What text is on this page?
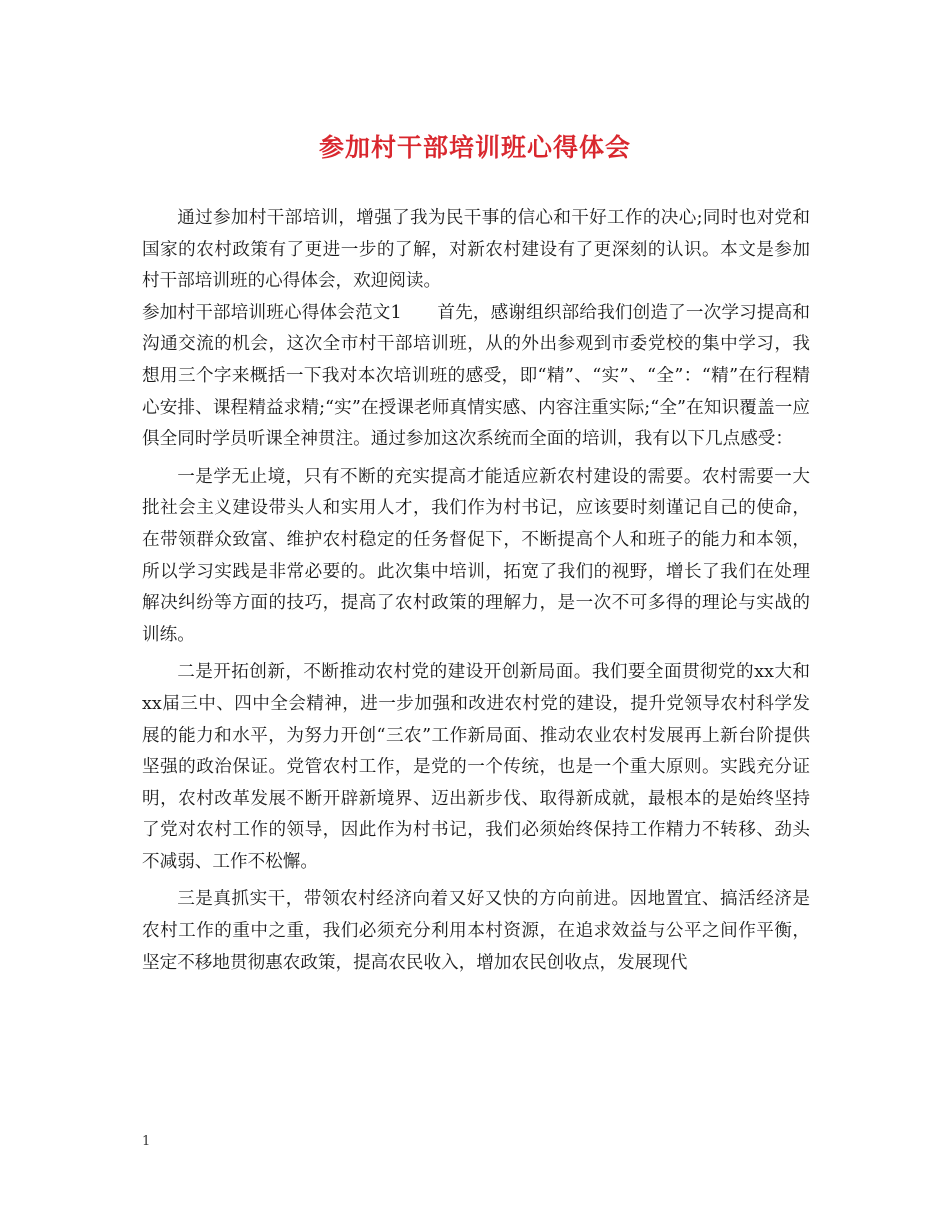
参加村干部培训班心得体会

通过参加村干部培训，增强了我为民干事的信心和干好工作的决心;同时也对党和国家的农村政策有了更进一步的了解，对新农村建设有了更深刻的认识。本文是参加村干部培训班的心得体会，欢迎阅读。

参加村干部培训班心得体会范文1　　首先，感谢组织部给我们创造了一次学习提高和沟通交流的机会，这次全市村干部培训班，从的外出参观到市委党校的集中学习，我想用三个字来概括一下我对本次培训班的感受，即“精”、“实”、“全”：“精”在行程精心安排、课程精益求精;“实”在授课老师真情实感、内容注重实际;“全”在知识覆盖一应俱全同时学员听课全神贯注。通过参加这次系统而全面的培训，我有以下几点感受：

一是学无止境，只有不断的充实提高才能适应新农村建设的需要。农村需要一大批社会主义建设带头人和实用人才，我们作为村书记，应该要时刻谨记自己的使命，在带领群众致富、维护农村稳定的任务督促下，不断提高个人和班子的能力和本领，所以学习实践是非常必要的。此次集中培训，拓宽了我们的视野，增长了我们在处理解决纠纷等方面的技巧，提高了农村政策的理解力，是一次不可多得的理论与实战的训练。

二是开拓创新，不断推动农村党的建设开创新局面。我们要全面贯彻党的xx大和xx届三中、四中全会精神，进一步加强和改进农村党的建设，提升党领导农村科学发展的能力和水平，为努力开创“三农”工作新局面、推动农业农村发展再上新台阶提供坚强的政治保证。党管农村工作，是党的一个传统，也是一个重大原则。实践充分证明，农村改革发展不断开辟新境界、迈出新步伐、取得新成就，最根本的是始终坚持了党对农村工作的领导，因此作为村书记，我们必须始终保持工作精力不转移、劲头不减弱、工作不松懈。

三是真抓实干，带领农村经济向着又好又快的方向前进。因地置宜、搞活经济是农村工作的重中之重，我们必须充分利用本村资源，在追求效益与公平之间作平衡，坚定不移地贯彻惠农政策，提高农民收入，增加农民创收点，发展现代

1
